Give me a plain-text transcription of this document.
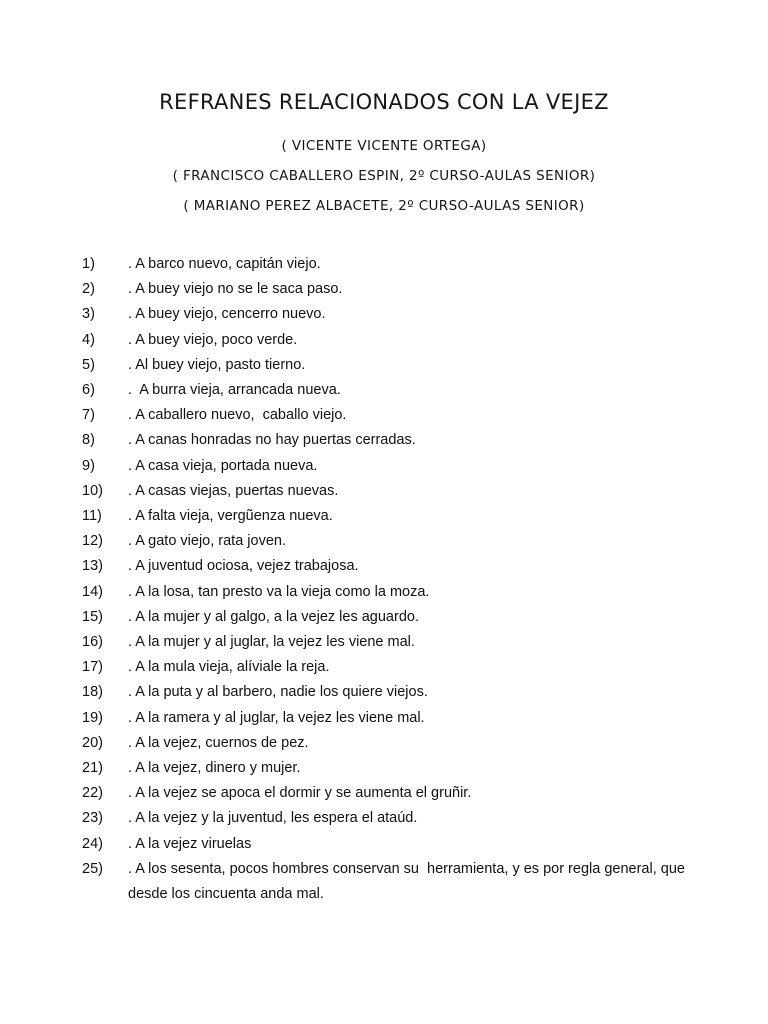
REFRANES RELACIONADOS CON LA VEJEZ

( VICENTE VICENTE ORTEGA)

( FRANCISCO CABALLERO ESPIN, 2º CURSO-AULAS SENIOR)

( MARIANO PEREZ ALBACETE, 2º CURSO-AULAS SENIOR)

1)	. A barco nuevo, capitán viejo.
2)	. A buey viejo no se le saca paso.
3)	. A buey viejo, cencerro nuevo.
4)	. A buey viejo, poco verde.
5)	. Al buey viejo, pasto tierno.
6)	.  A burra vieja, arrancada nueva.
7)	. A caballero nuevo,  caballo viejo.
8)	. A canas honradas no hay puertas cerradas.
9)	. A casa vieja, portada nueva.
10)	. A casas viejas, puertas nuevas.
11)	. A falta vieja, vergũenza nueva.
12)	. A gato viejo, rata joven.
13)	. A juventud ociosa, vejez trabajosa.
14)	. A la losa, tan presto va la vieja como la moza.
15)	. A la mujer y al galgo, a la vejez les aguardo.
16)	. A la mujer y al juglar, la vejez les viene mal.
17)	. A la mula vieja, alíviale la reja.
18)	. A la puta y al barbero, nadie los quiere viejos.
19)	. A la ramera y al juglar, la vejez les viene mal.
20)	. A la vejez, cuernos de pez.
21)	. A la vejez, dinero y mujer.
22)	. A la vejez se apoca el dormir y se aumenta el gruñir.
23)	. A la vejez y la juventud, les espera el ataúd.
24)	. A la vejez viruelas
25)	. A los sesenta, pocos hombres conservan su  herramienta, y es por regla general, que desde los cincuenta anda mal.
